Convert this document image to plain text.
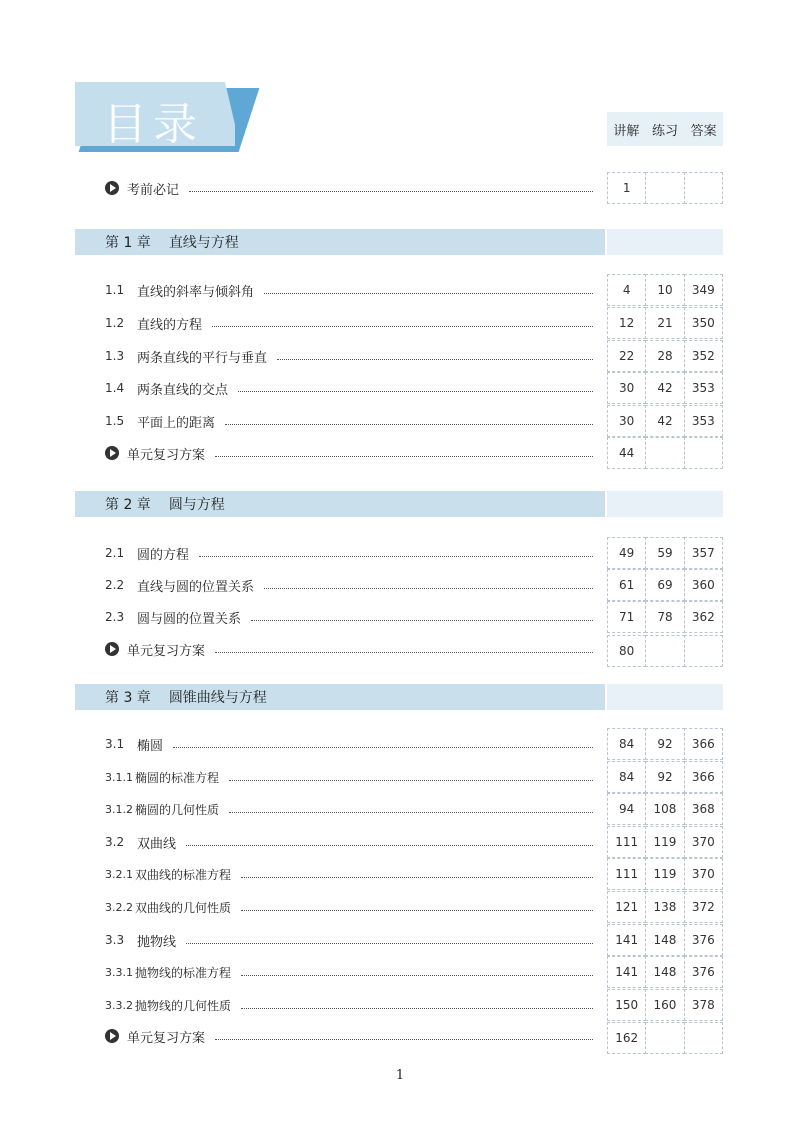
目录	讲解 练习 答案
考前必记	1
第 1 章 直线与方程
1.1 直线的斜率与倾斜角	4	10	349
1.2 直线的方程	12	21	350
1.3 两条直线的平行与垂直	22	28	352
1.4 两条直线的交点	30	42	353
1.5 平面上的距离	30	42	353
单元复习方案	44
第 2 章 圆与方程
2.1 圆的方程	49	59	357
2.2 直线与圆的位置关系	61	69	360
2.3 圆与圆的位置关系	71	78	362
单元复习方案	80
第 3 章 圆锥曲线与方程
3.1 椭圆	84	92	366
3.1.1 椭圆的标准方程	84	92	366
3.1.2 椭圆的几何性质	94	108	368
3.2 双曲线	111	119	370
3.2.1 双曲线的标准方程	111	119	370
3.2.2 双曲线的几何性质	121	138	372
3.3 抛物线	141	148	376
3.3.1 抛物线的标准方程	141	148	376
3.3.2 抛物线的几何性质	150	160	378
单元复习方案	162
1
